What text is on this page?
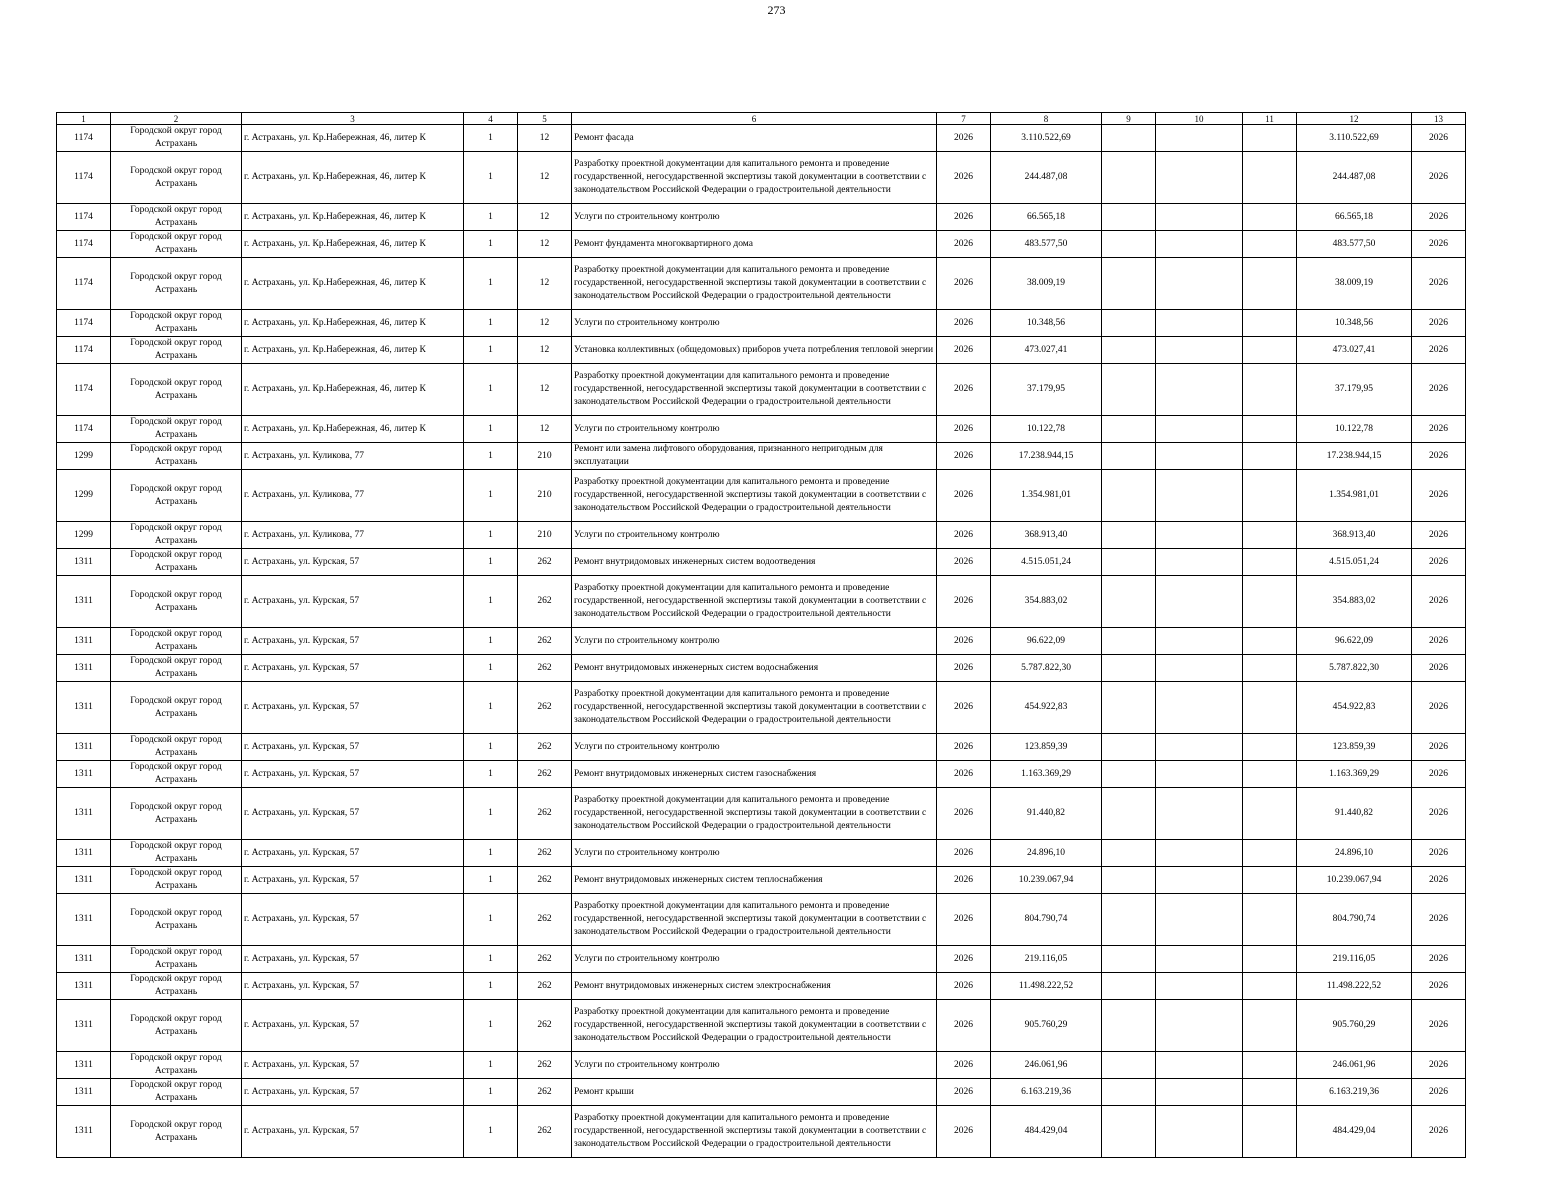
273
1	2	3	4	5	6	7	8	9	10	11	12	13
1174	Городской округ город Астрахань	г. Астрахань, ул. Кр.Набережная, 46, литер К	1	12	Ремонт фасада	2026	3.110.522,69				3.110.522,69	2026
1174	Городской округ город Астрахань	г. Астрахань, ул. Кр.Набережная, 46, литер К	1	12	Разработку проектной документации для капитального ремонта и проведение государственной, негосударственной экспертизы такой документации в соответствии с законодательством Российской Федерации о градостроительной деятельности	2026	244.487,08				244.487,08	2026
1174	Городской округ город Астрахань	г. Астрахань, ул. Кр.Набережная, 46, литер К	1	12	Услуги по строительному контролю	2026	66.565,18				66.565,18	2026
1174	Городской округ город Астрахань	г. Астрахань, ул. Кр.Набережная, 46, литер К	1	12	Ремонт фундамента многоквартирного дома	2026	483.577,50				483.577,50	2026
1174	Городской округ город Астрахань	г. Астрахань, ул. Кр.Набережная, 46, литер К	1	12	Разработку проектной документации для капитального ремонта и проведение государственной, негосударственной экспертизы такой документации в соответствии с законодательством Российской Федерации о градостроительной деятельности	2026	38.009,19				38.009,19	2026
1174	Городской округ город Астрахань	г. Астрахань, ул. Кр.Набережная, 46, литер К	1	12	Услуги по строительному контролю	2026	10.348,56				10.348,56	2026
1174	Городской округ город Астрахань	г. Астрахань, ул. Кр.Набережная, 46, литер К	1	12	Установка коллективных (общедомовых) приборов учета потребления тепловой энергии	2026	473.027,41				473.027,41	2026
1174	Городской округ город Астрахань	г. Астрахань, ул. Кр.Набережная, 46, литер К	1	12	Разработку проектной документации для капитального ремонта и проведение государственной, негосударственной экспертизы такой документации в соответствии с законодательством Российской Федерации о градостроительной деятельности	2026	37.179,95				37.179,95	2026
1174	Городской округ город Астрахань	г. Астрахань, ул. Кр.Набережная, 46, литер К	1	12	Услуги по строительному контролю	2026	10.122,78				10.122,78	2026
1299	Городской округ город Астрахань	г. Астрахань, ул. Куликова, 77	1	210	Ремонт или замена лифтового оборудования, признанного непригодным для эксплуатации	2026	17.238.944,15				17.238.944,15	2026
1299	Городской округ город Астрахань	г. Астрахань, ул. Куликова, 77	1	210	Разработку проектной документации для капитального ремонта и проведение государственной, негосударственной экспертизы такой документации в соответствии с законодательством Российской Федерации о градостроительной деятельности	2026	1.354.981,01				1.354.981,01	2026
1299	Городской округ город Астрахань	г. Астрахань, ул. Куликова, 77	1	210	Услуги по строительному контролю	2026	368.913,40				368.913,40	2026
1311	Городской округ город Астрахань	г. Астрахань, ул. Курская, 57	1	262	Ремонт внутридомовых инженерных систем водоотведения	2026	4.515.051,24				4.515.051,24	2026
1311	Городской округ город Астрахань	г. Астрахань, ул. Курская, 57	1	262	Разработку проектной документации для капитального ремонта и проведение государственной, негосударственной экспертизы такой документации в соответствии с законодательством Российской Федерации о градостроительной деятельности	2026	354.883,02				354.883,02	2026
1311	Городской округ город Астрахань	г. Астрахань, ул. Курская, 57	1	262	Услуги по строительному контролю	2026	96.622,09				96.622,09	2026
1311	Городской округ город Астрахань	г. Астрахань, ул. Курская, 57	1	262	Ремонт внутридомовых инженерных систем водоснабжения	2026	5.787.822,30				5.787.822,30	2026
1311	Городской округ город Астрахань	г. Астрахань, ул. Курская, 57	1	262	Разработку проектной документации для капитального ремонта и проведение государственной, негосударственной экспертизы такой документации в соответствии с законодательством Российской Федерации о градостроительной деятельности	2026	454.922,83				454.922,83	2026
1311	Городской округ город Астрахань	г. Астрахань, ул. Курская, 57	1	262	Услуги по строительному контролю	2026	123.859,39				123.859,39	2026
1311	Городской округ город Астрахань	г. Астрахань, ул. Курская, 57	1	262	Ремонт внутридомовых инженерных систем газоснабжения	2026	1.163.369,29				1.163.369,29	2026
1311	Городской округ город Астрахань	г. Астрахань, ул. Курская, 57	1	262	Разработку проектной документации для капитального ремонта и проведение государственной, негосударственной экспертизы такой документации в соответствии с законодательством Российской Федерации о градостроительной деятельности	2026	91.440,82				91.440,82	2026
1311	Городской округ город Астрахань	г. Астрахань, ул. Курская, 57	1	262	Услуги по строительному контролю	2026	24.896,10				24.896,10	2026
1311	Городской округ город Астрахань	г. Астрахань, ул. Курская, 57	1	262	Ремонт внутридомовых инженерных систем теплоснабжения	2026	10.239.067,94				10.239.067,94	2026
1311	Городской округ город Астрахань	г. Астрахань, ул. Курская, 57	1	262	Разработку проектной документации для капитального ремонта и проведение государственной, негосударственной экспертизы такой документации в соответствии с законодательством Российской Федерации о градостроительной деятельности	2026	804.790,74				804.790,74	2026
1311	Городской округ город Астрахань	г. Астрахань, ул. Курская, 57	1	262	Услуги по строительному контролю	2026	219.116,05				219.116,05	2026
1311	Городской округ город Астрахань	г. Астрахань, ул. Курская, 57	1	262	Ремонт внутридомовых инженерных систем электроснабжения	2026	11.498.222,52				11.498.222,52	2026
1311	Городской округ город Астрахань	г. Астрахань, ул. Курская, 57	1	262	Разработку проектной документации для капитального ремонта и проведение государственной, негосударственной экспертизы такой документации в соответствии с законодательством Российской Федерации о градостроительной деятельности	2026	905.760,29				905.760,29	2026
1311	Городской округ город Астрахань	г. Астрахань, ул. Курская, 57	1	262	Услуги по строительному контролю	2026	246.061,96				246.061,96	2026
1311	Городской округ город Астрахань	г. Астрахань, ул. Курская, 57	1	262	Ремонт крыши	2026	6.163.219,36				6.163.219,36	2026
1311	Городской округ город Астрахань	г. Астрахань, ул. Курская, 57	1	262	Разработку проектной документации для капитального ремонта и проведение государственной, негосударственной экспертизы такой документации в соответствии с законодательством Российской Федерации о градостроительной деятельности	2026	484.429,04				484.429,04	2026
